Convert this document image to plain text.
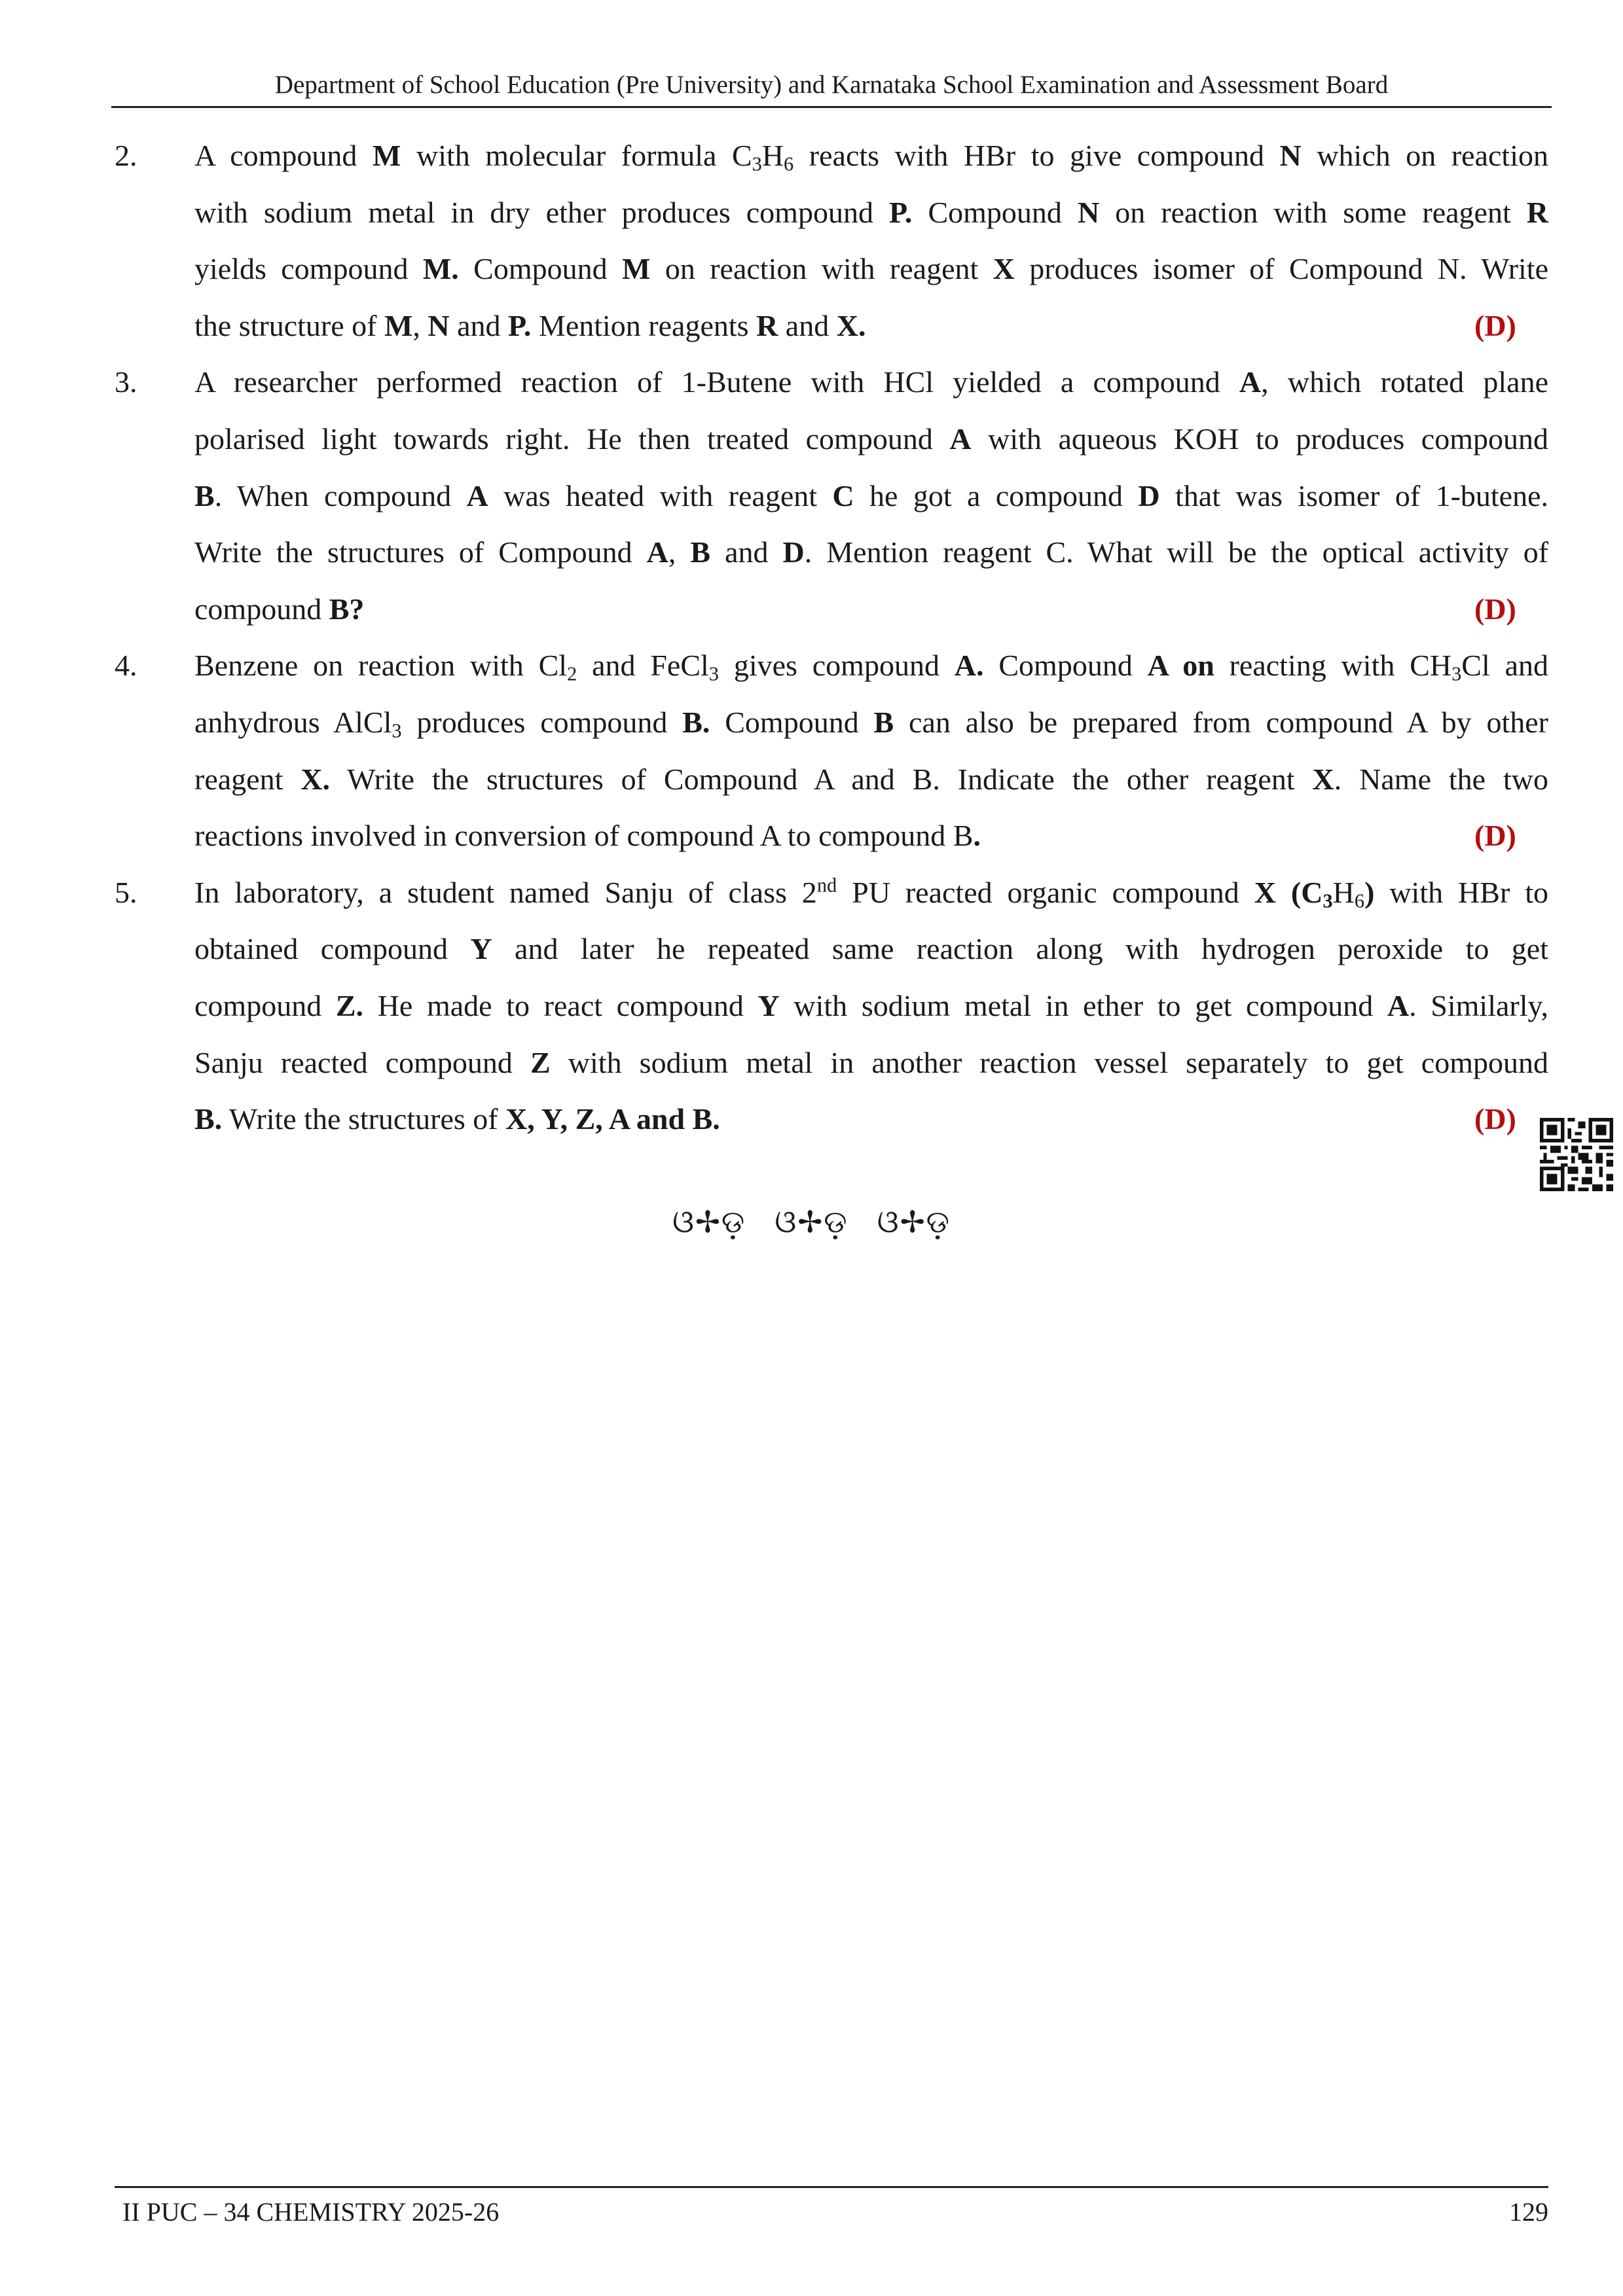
Department of School Education (Pre University) and Karnataka School Examination and Assessment Board
2. A compound M with molecular formula $C_3H_6$ reacts with HBr to give compound N which on reaction
with sodium metal in dry ether produces compound P. Compound N on reaction with some reagent R
yields compound M. Compound M on reaction with reagent X produces isomer of Compound N. Write
the structure of M, N and P. Mention reagents R and X.	(D)
3. A researcher performed reaction of 1-Butene with HCl yielded a compound A, which rotated plane
polarised light towards right. He then treated compound A with aqueous KOH to produces compound
B. When compound A was heated with reagent C he got a compound D that was isomer of 1-butene.
Write the structures of Compound A, B and D. Mention reagent C. What will be the optical activity of
compound B?	(D)
4. Benzene on reaction with $Cl_2$ and FeCl$_3$ gives compound A. Compound A on reacting with $CH_3Cl$ and
anhydrous AlCl$_3$ produces compound B. Compound B can also be prepared from compound A by other
reagent X. Write the structures of Compound A and B. Indicate the other reagent X. Name the two
reactions involved in conversion of compound A to compound B.	(D)
5. In laboratory, a student named Sanju of class 2nd PU reacted organic compound X $(C_3H_6)$ with HBr to
obtained compound Y and later he repeated same reaction along with hydrogen peroxide to get
compound Z. He made to react compound Y with sodium metal in ether to get compound A. Similarly,
Sanju reacted compound Z with sodium metal in another reaction vessel separately to get compound
B. Write the structures of X, Y, Z, A and B.	(D)
ଓ✢ଡ଼ ଓ✢ଡ଼ ଓ✢ଡ଼
II PUC – 34 CHEMISTRY 2025-26	129
